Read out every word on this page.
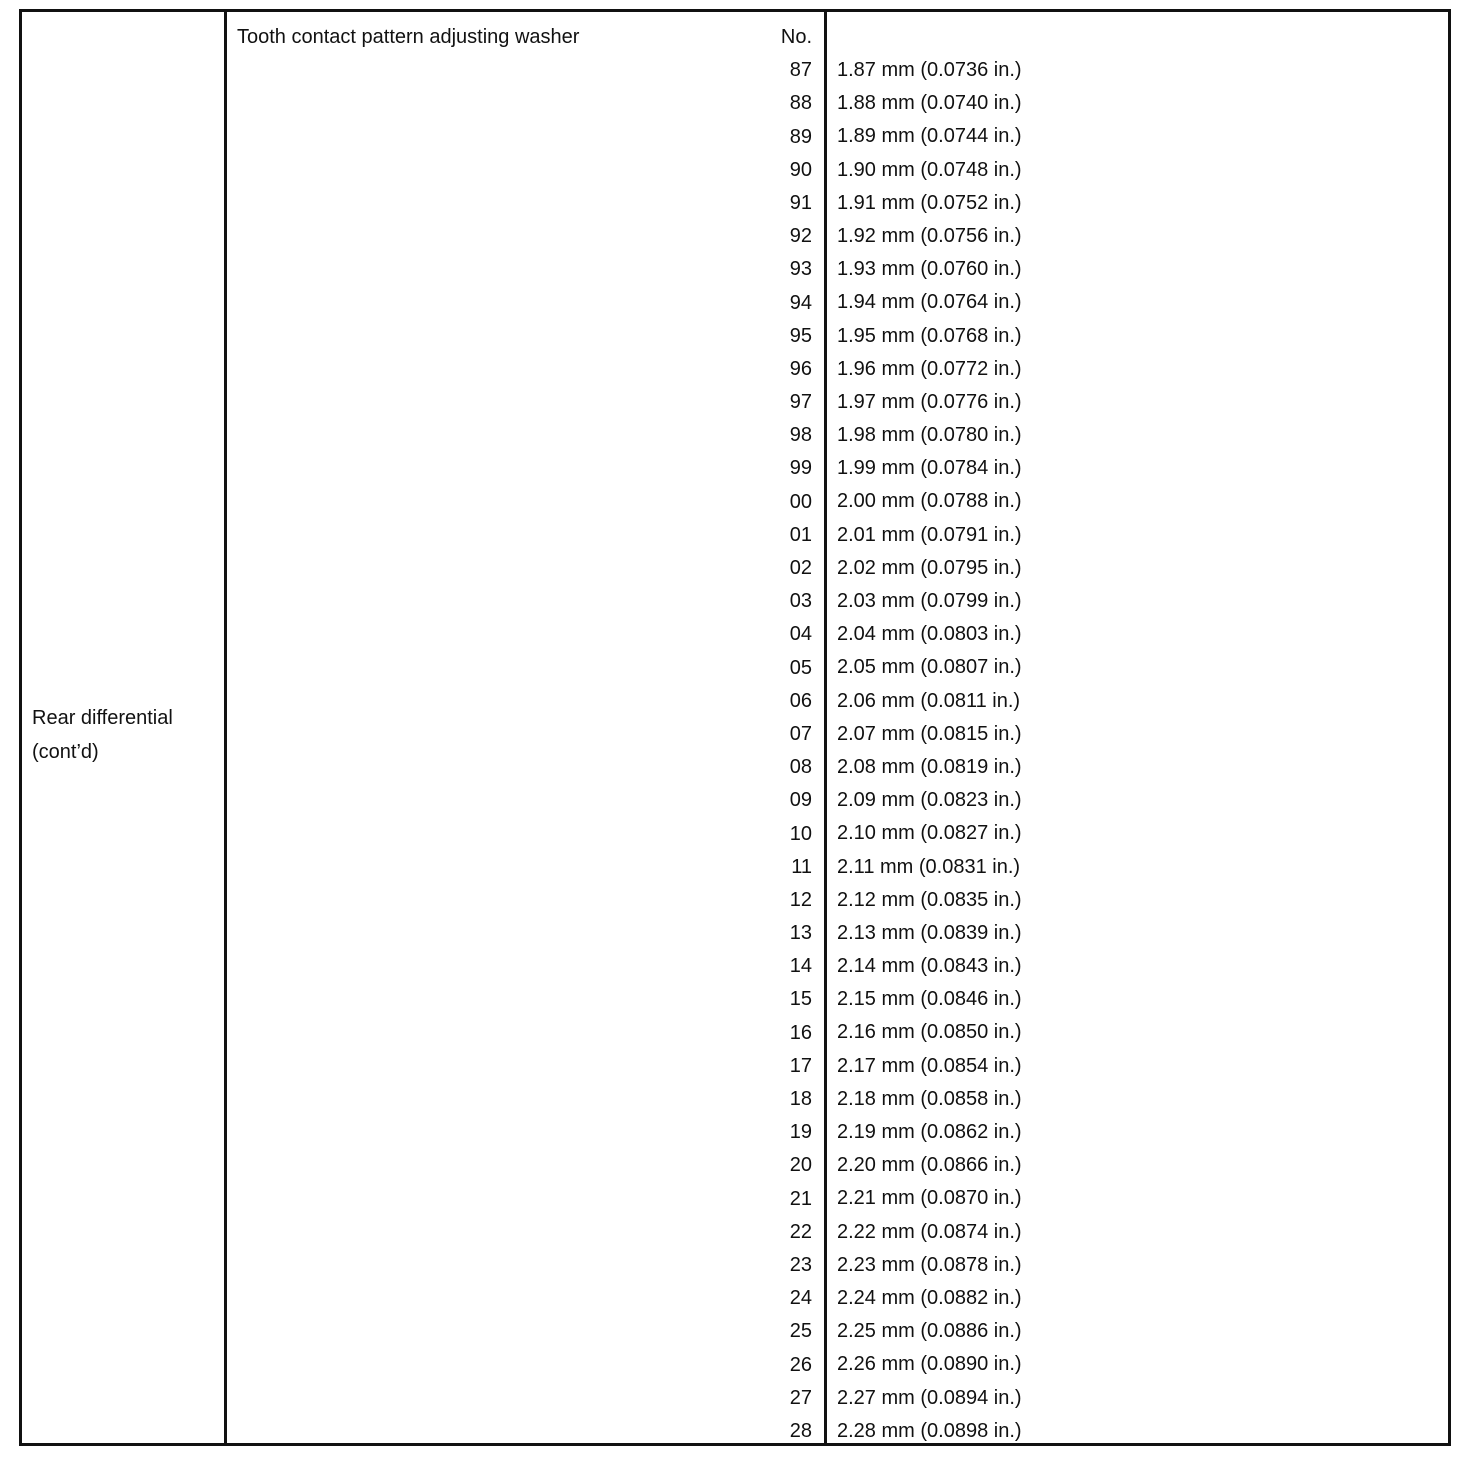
Rear differential
(cont’d)
Tooth contact pattern adjusting washer	No.
87
88
89
90
91
92
93
94
95
96
97
98
99
00
01
02
03
04
05
06
07
08
09
10
11
12
13
14
15
16
17
18
19
20
21
22
23
24
25
26
27
28
1.87 mm (0.0736 in.)
1.88 mm (0.0740 in.)
1.89 mm (0.0744 in.)
1.90 mm (0.0748 in.)
1.91 mm (0.0752 in.)
1.92 mm (0.0756 in.)
1.93 mm (0.0760 in.)
1.94 mm (0.0764 in.)
1.95 mm (0.0768 in.)
1.96 mm (0.0772 in.)
1.97 mm (0.0776 in.)
1.98 mm (0.0780 in.)
1.99 mm (0.0784 in.)
2.00 mm (0.0788 in.)
2.01 mm (0.0791 in.)
2.02 mm (0.0795 in.)
2.03 mm (0.0799 in.)
2.04 mm (0.0803 in.)
2.05 mm (0.0807 in.)
2.06 mm (0.0811 in.)
2.07 mm (0.0815 in.)
2.08 mm (0.0819 in.)
2.09 mm (0.0823 in.)
2.10 mm (0.0827 in.)
2.11 mm (0.0831 in.)
2.12 mm (0.0835 in.)
2.13 mm (0.0839 in.)
2.14 mm (0.0843 in.)
2.15 mm (0.0846 in.)
2.16 mm (0.0850 in.)
2.17 mm (0.0854 in.)
2.18 mm (0.0858 in.)
2.19 mm (0.0862 in.)
2.20 mm (0.0866 in.)
2.21 mm (0.0870 in.)
2.22 mm (0.0874 in.)
2.23 mm (0.0878 in.)
2.24 mm (0.0882 in.)
2.25 mm (0.0886 in.)
2.26 mm (0.0890 in.)
2.27 mm (0.0894 in.)
2.28 mm (0.0898 in.)
